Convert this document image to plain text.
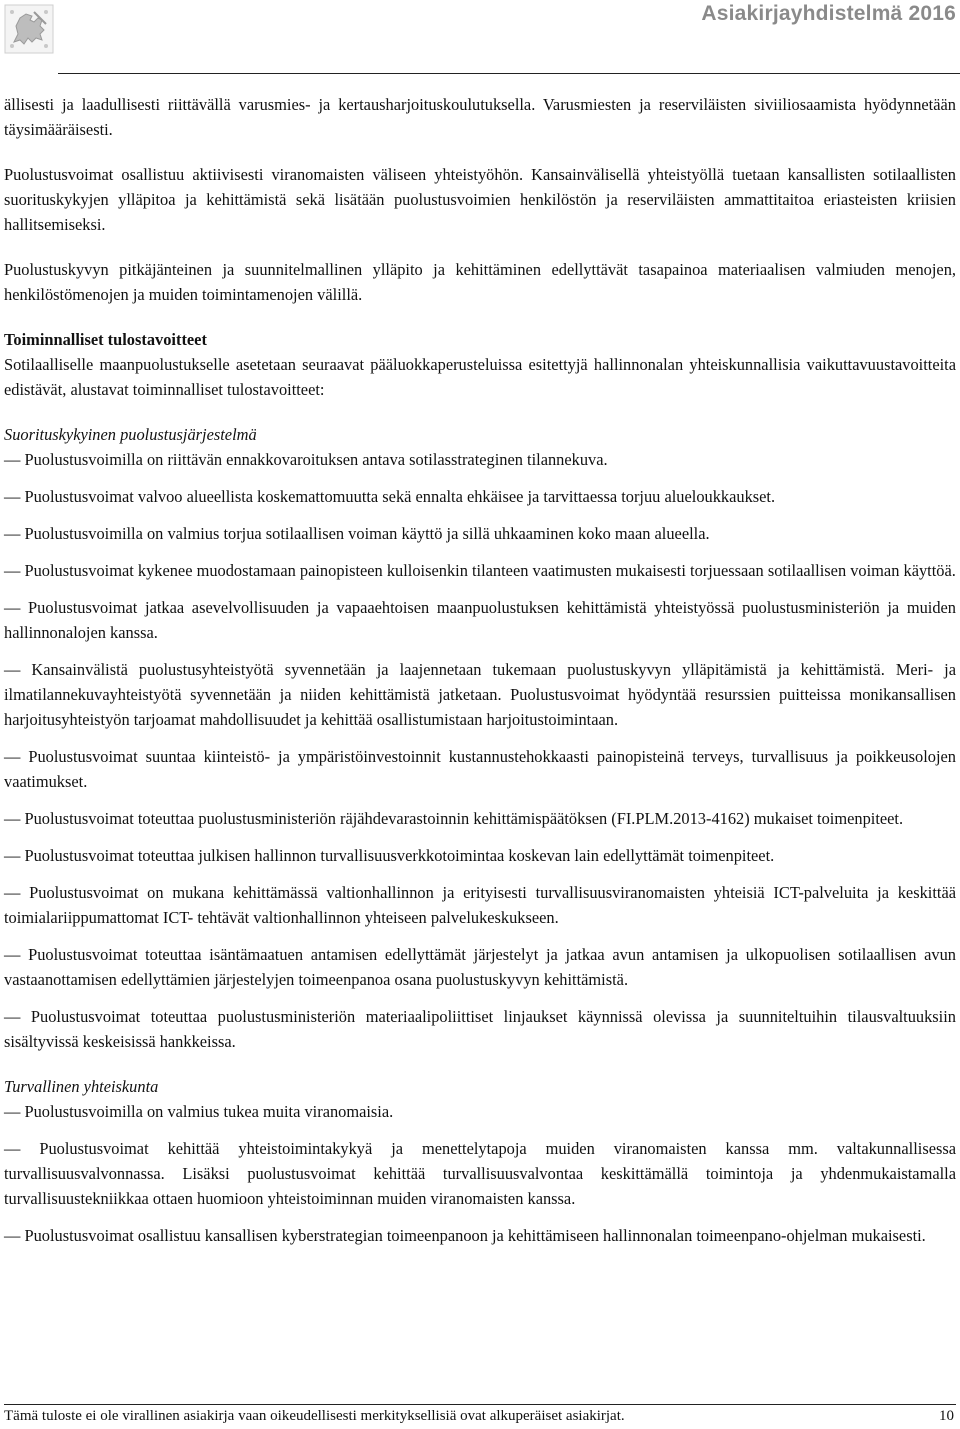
Asiakirjayhdistelmä 2016

ällisesti ja laadullisesti riittävällä varusmies- ja kertausharjoituskoulutuksella. Varusmiesten ja reserviläisten siviiliosaamista hyödynnetään täysimääräisesti.

Puolustusvoimat osallistuu aktiivisesti viranomaisten väliseen yhteistyöhön. Kansainvälisellä yhteistyöllä tuetaan kansallisten sotilaallisten suorituskykyjen ylläpitoa ja kehittämistä sekä lisätään puolustusvoimien henkilöstön ja reserviläisten ammattitaitoa eriasteisten kriisien hallitsemiseksi.

Puolustuskyvyn pitkäjänteinen ja suunnitelmallinen ylläpito ja kehittäminen edellyttävät tasapainoa materiaalisen valmiuden menojen, henkilöstömenojen ja muiden toimintamenojen välillä.

Toiminnalliset tulostavoitteet

Sotilaalliselle maanpuolustukselle asetetaan seuraavat pääluokkaperusteluissa esitettyjä hallinnonalan yhteiskunnallisia vaikuttavuustavoitteita edistävät, alustavat toiminnalliset tulostavoitteet:

Suorituskykyinen puolustusjärjestelmä

— Puolustusvoimilla on riittävän ennakkovaroituksen antava sotilasstrateginen tilannekuva.

— Puolustusvoimat valvoo alueellista koskemattomuutta sekä ennalta ehkäisee ja tarvittaessa torjuu alueloukkaukset.

— Puolustusvoimilla on valmius torjua sotilaallisen voiman käyttö ja sillä uhkaaminen koko maan alueella.

— Puolustusvoimat kykenee muodostamaan painopisteen kulloisenkin tilanteen vaatimusten mukaisesti torjuessaan sotilaallisen voiman käyttöä.

— Puolustusvoimat jatkaa asevelvollisuuden ja vapaaehtoisen maanpuolustuksen kehittämistä yhteistyössä puolustusministeriön ja muiden hallinnonalojen kanssa.

— Kansainvälistä puolustusyhteistyötä syvennetään ja laajennetaan tukemaan puolustuskyvyn ylläpitämistä ja kehittämistä. Meri- ja ilmatilannekuvayhteistyötä syvennetään ja niiden kehittämistä jatketaan. Puolustusvoimat hyödyntää resurssien puitteissa monikansallisen harjoitusyhteistyön tarjoamat mahdollisuudet ja kehittää osallistumistaan harjoitustoimintaan.

— Puolustusvoimat suuntaa kiinteistö- ja ympäristöinvestoinnit kustannustehokkaasti painopisteinä terveys, turvallisuus ja poikkeusolojen vaatimukset.

— Puolustusvoimat toteuttaa puolustusministeriön räjähdevarastoinnin kehittämispäätöksen (FI.PLM.2013-4162) mukaiset toimenpiteet.

— Puolustusvoimat toteuttaa julkisen hallinnon turvallisuusverkkotoimintaa koskevan lain edellyttämät toimenpiteet.

— Puolustusvoimat on mukana kehittämässä valtionhallinnon ja erityisesti turvallisuusviranomaisten yhteisiä ICT-palveluita ja keskittää toimialariippumattomat ICT- tehtävät valtionhallinnon yhteiseen palvelukeskukseen.

— Puolustusvoimat toteuttaa isäntämaatuen antamisen edellyttämät järjestelyt ja jatkaa avun antamisen ja ulkopuolisen sotilaallisen avun vastaanottamisen edellyttämien järjestelyjen toimeenpanoa osana puolustuskyvyn kehittämistä.

— Puolustusvoimat toteuttaa puolustusministeriön materiaalipoliittiset linjaukset käynnissä olevissa ja suunniteltuihin tilausvaltuuksiin sisältyvissä keskeisissä hankkeissa.

Turvallinen yhteiskunta

— Puolustusvoimilla on valmius tukea muita viranomaisia.

— Puolustusvoimat kehittää yhteistoimintakykyä ja menettelytapoja muiden viranomaisten kanssa mm. valtakunnallisessa turvallisuusvalvonnassa. Lisäksi puolustusvoimat kehittää turvallisuusvalvontaa keskittämällä toimintoja ja yhdenmukaistamalla turvallisuustekniikkaa ottaen huomioon yhteistoiminnan muiden viranomaisten kanssa.

— Puolustusvoimat osallistuu kansallisen kyberstrategian toimeenpanoon ja kehittämiseen hallinnonalan toimeenpano-ohjelman mukaisesti.

Tämä tuloste ei ole virallinen asiakirja vaan oikeudellisesti merkityksellisiä ovat alkuperäiset asiakirjat.	10
